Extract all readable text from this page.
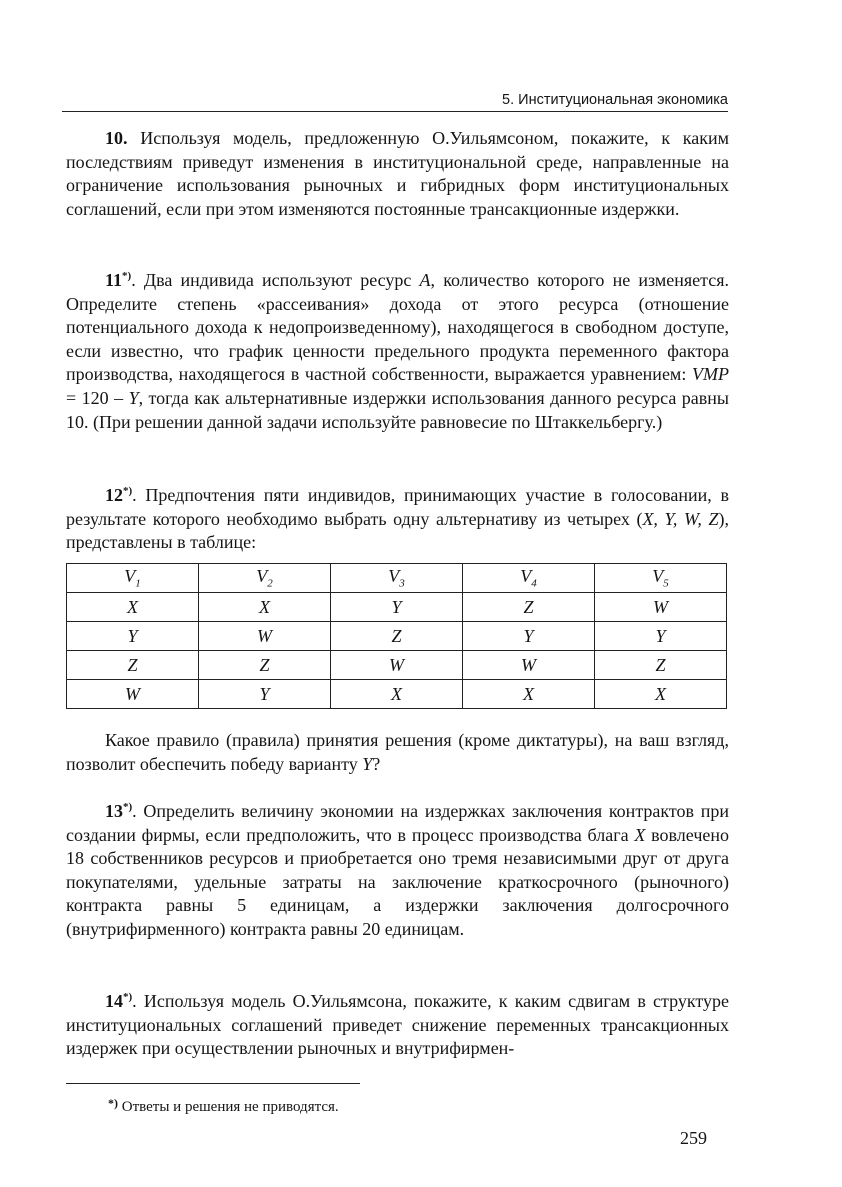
5. Институциональная экономика

10. Используя модель, предложенную О.Уильямсоном, покажите, к каким последствиям приведут изменения в институциональной среде, направленные на ограничение использования рыночных и гибридных форм институциональных соглашений, если при этом изменяются постоянные трансакционные издержки.

11*). Два индивида используют ресурс A, количество которого не изменяется. Определите степень «рассеивания» дохода от этого ресурса (отношение потенциального дохода к недопроизведенному), находящегося в свободном доступе, если известно, что график ценности предельного продукта переменного фактора производства, находящегося в частной собственности, выражается уравнением: VMP = 120 – Y, тогда как альтернативные издержки использования данного ресурса равны 10. (При решении данной задачи используйте равновесие по Штаккельбергу.)

12*). Предпочтения пяти индивидов, принимающих участие в голосовании, в результате которого необходимо выбрать одну альтернативу из четырех (X, Y, W, Z), представлены в таблице:

$V_1$	$V_2$	$V_3$	$V_4$	$V_5$
X	X	Y	Z	W
Y	W	Z	Y	Y
Z	Z	W	W	Z
W	Y	X	X	X

Какое правило (правила) принятия решения (кроме диктатуры), на ваш взгляд, позволит обеспечить победу варианту Y?

13*). Определить величину экономии на издержках заключения контрактов при создании фирмы, если предположить, что в процесс производства блага X вовлечено 18 собственников ресурсов и приобретается оно тремя независимыми друг от друга покупателями, удельные затраты на заключение краткосрочного (рыночного) контракта равны 5 единицам, а издержки заключения долгосрочного (внутрифирменного) контракта равны 20 единицам.

14*). Используя модель О.Уильямсона, покажите, к каким сдвигам в структуре институциональных соглашений приведет снижение переменных трансакционных издержек при осуществлении рыночных и внутрифирмен-

*) Ответы и решения не приводятся.
259
